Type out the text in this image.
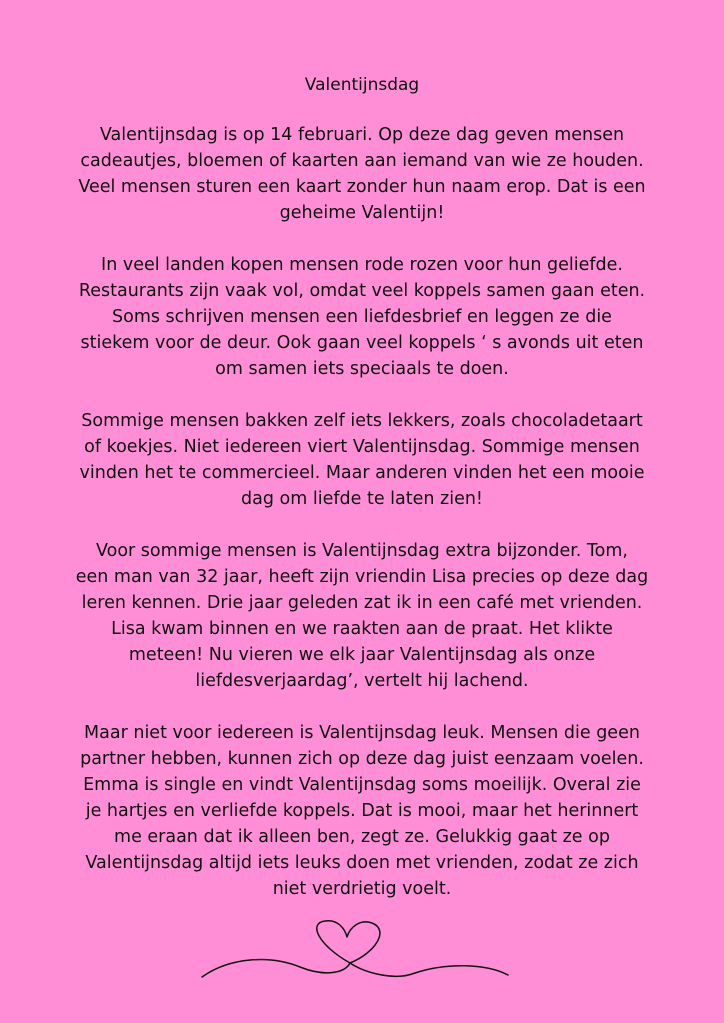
Valentijnsdag

Valentijnsdag is op 14 februari. Op deze dag geven mensen
cadeautjes, bloemen of kaarten aan iemand van wie ze houden.
Veel mensen sturen een kaart zonder hun naam erop. Dat is een
geheime Valentijn!

In veel landen kopen mensen rode rozen voor hun geliefde.
Restaurants zijn vaak vol, omdat veel koppels samen gaan eten.
Soms schrijven mensen een liefdesbrief en leggen ze die
stiekem voor de deur. Ook gaan veel koppels ‘ s avonds uit eten
om samen iets speciaals te doen.

Sommige mensen bakken zelf iets lekkers, zoals chocoladetaart
of koekjes. Niet iedereen viert Valentijnsdag. Sommige mensen
vinden het te commercieel. Maar anderen vinden het een mooie
dag om liefde te laten zien!

Voor sommige mensen is Valentijnsdag extra bijzonder. Tom,
een man van 32 jaar, heeft zijn vriendin Lisa precies op deze dag
leren kennen. Drie jaar geleden zat ik in een café met vrienden.
Lisa kwam binnen en we raakten aan de praat. Het klikte
meteen! Nu vieren we elk jaar Valentijnsdag als onze
liefdesverjaardag’, vertelt hij lachend.

Maar niet voor iedereen is Valentijnsdag leuk. Mensen die geen
partner hebben, kunnen zich op deze dag juist eenzaam voelen.
Emma is single en vindt Valentijnsdag soms moeilijk. Overal zie
je hartjes en verliefde koppels. Dat is mooi, maar het herinnert
me eraan dat ik alleen ben, zegt ze. Gelukkig gaat ze op
Valentijnsdag altijd iets leuks doen met vrienden, zodat ze zich
niet verdrietig voelt.
